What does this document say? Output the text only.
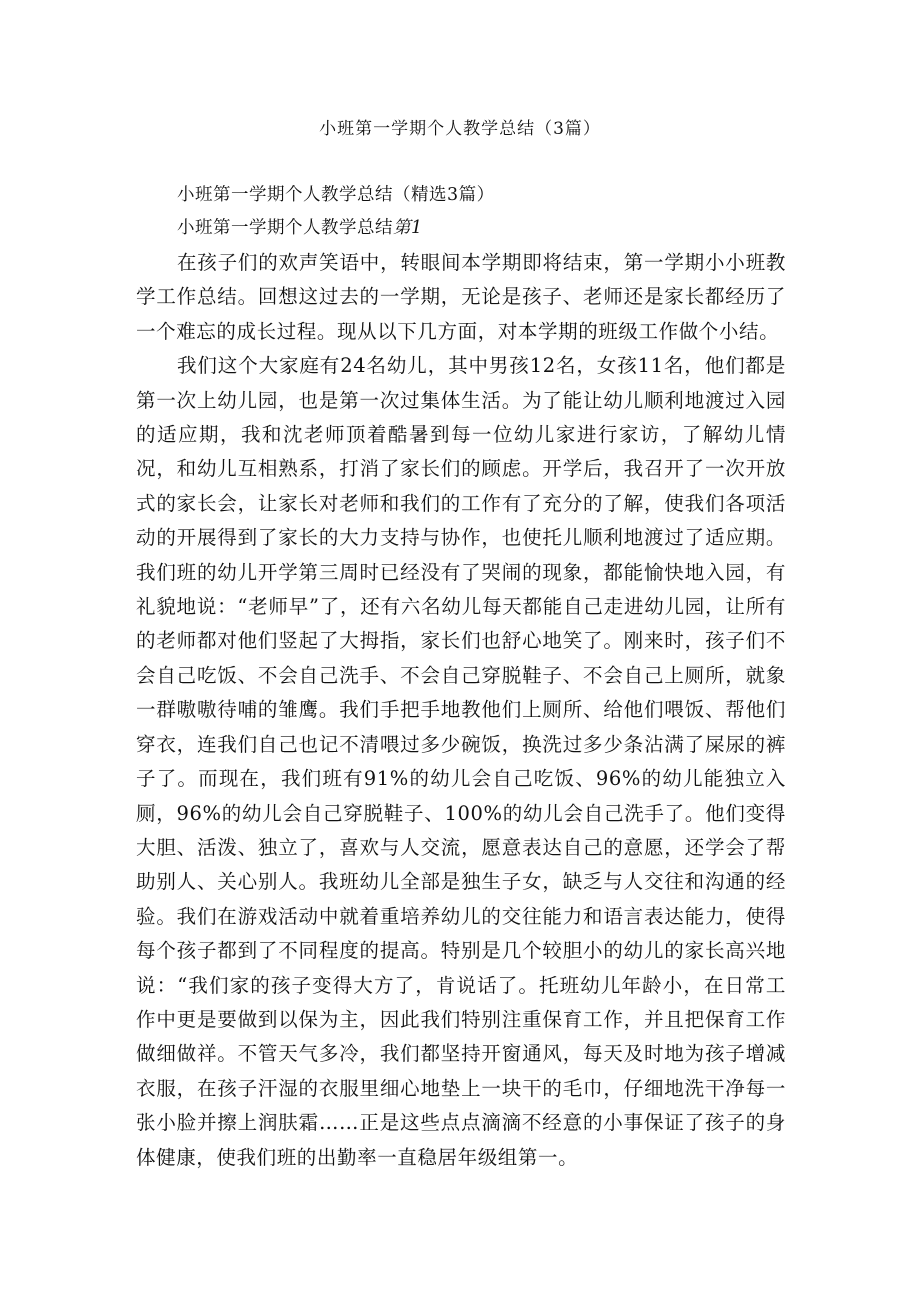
小班第一学期个人教学总结（3篇）

小班第一学期个人教学总结（精选3篇）

小班第一学期个人教学总结第1

在孩子们的欢声笑语中，转眼间本学期即将结束，第一学期小小班教学工作总结。回想这过去的一学期，无论是孩子、老师还是家长都经历了一个难忘的成长过程。现从以下几方面，对本学期的班级工作做个小结。

我们这个大家庭有24名幼儿，其中男孩12名，女孩11名，他们都是第一次上幼儿园，也是第一次过集体生活。为了能让幼儿顺利地渡过入园的适应期，我和沈老师顶着酷暑到每一位幼儿家进行家访，了解幼儿情况，和幼儿互相熟系，打消了家长们的顾虑。开学后，我召开了一次开放式的家长会，让家长对老师和我们的工作有了充分的了解，使我们各项活动的开展得到了家长的大力支持与协作，也使托儿顺利地渡过了适应期。我们班的幼儿开学第三周时已经没有了哭闹的现象，都能愉快地入园，有礼貌地说：“老师早”了，还有六名幼儿每天都能自己走进幼儿园，让所有的老师都对他们竖起了大拇指，家长们也舒心地笑了。刚来时，孩子们不会自己吃饭、不会自己洗手、不会自己穿脱鞋子、不会自己上厕所，就象一群嗷嗷待哺的雏鹰。我们手把手地教他们上厕所、给他们喂饭、帮他们穿衣，连我们自己也记不清喂过多少碗饭，换洗过多少条沾满了屎尿的裤子了。而现在，我们班有91%的幼儿会自己吃饭、96%的幼儿能独立入厕，96%的幼儿会自己穿脱鞋子、100%的幼儿会自己洗手了。他们变得大胆、活泼、独立了，喜欢与人交流，愿意表达自己的意愿，还学会了帮助别人、关心别人。我班幼儿全部是独生子女，缺乏与人交往和沟通的经验。我们在游戏活动中就着重培养幼儿的交往能力和语言表达能力，使得每个孩子都到了不同程度的提高。特别是几个较胆小的幼儿的家长高兴地说：“我们家的孩子变得大方了，肯说话了。托班幼儿年龄小，在日常工作中更是要做到以保为主，因此我们特别注重保育工作，并且把保育工作做细做祥。不管天气多冷，我们都坚持开窗通风，每天及时地为孩子增减衣服，在孩子汗湿的衣服里细心地垫上一块干的毛巾，仔细地洗干净每一张小脸并擦上润肤霜……正是这些点点滴滴不经意的小事保证了孩子的身体健康，使我们班的出勤率一直稳居年级组第一。
